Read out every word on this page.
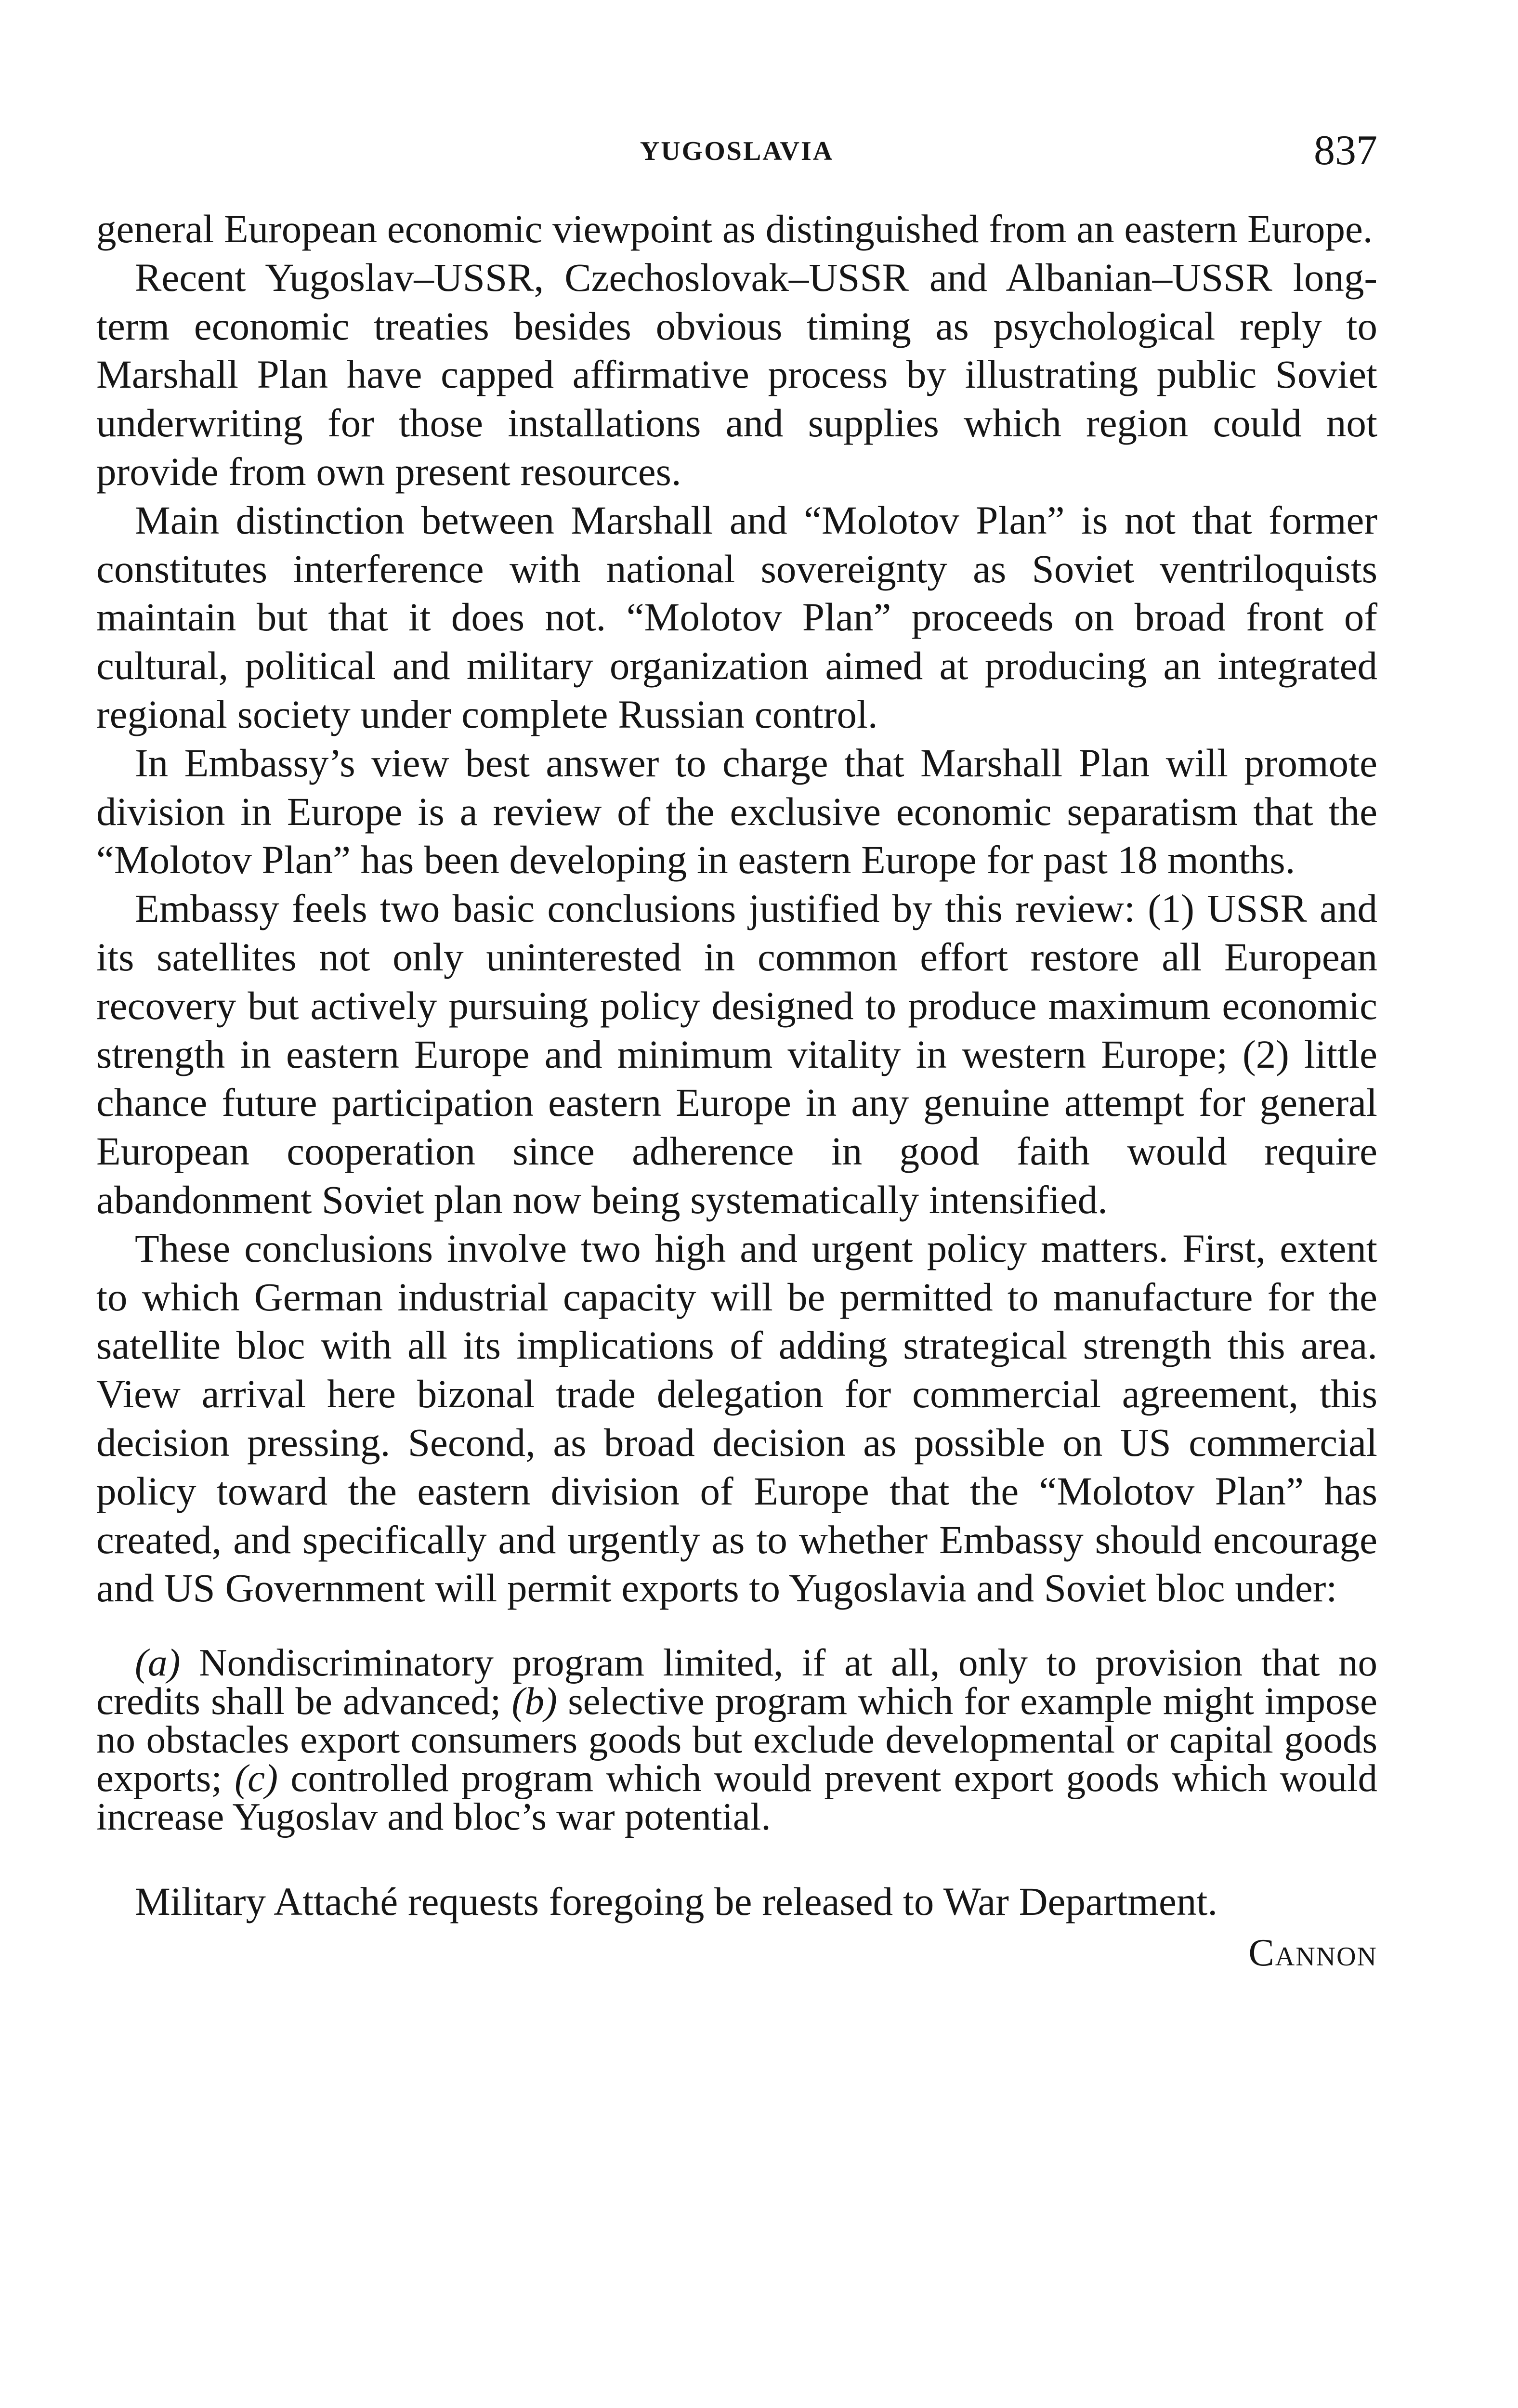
YUGOSLAVIA	837

general European economic viewpoint as distinguished from an eastern Europe.

Recent Yugoslav–USSR, Czechoslovak–USSR and Albanian–USSR long-term economic treaties besides obvious timing as psychological reply to Marshall Plan have capped affirmative process by illustrating public Soviet underwriting for those installations and supplies which region could not provide from own present resources.

Main distinction between Marshall and “Molotov Plan” is not that former constitutes interference with national sovereignty as Soviet ventriloquists maintain but that it does not. “Molotov Plan” proceeds on broad front of cultural, political and military organization aimed at producing an integrated regional society under complete Russian control.

In Embassy’s view best answer to charge that Marshall Plan will promote division in Europe is a review of the exclusive economic separatism that the “Molotov Plan” has been developing in eastern Europe for past 18 months.

Embassy feels two basic conclusions justified by this review: (1) USSR and its satellites not only uninterested in common effort restore all European recovery but actively pursuing policy designed to produce maximum economic strength in eastern Europe and minimum vitality in western Europe; (2) little chance future participation eastern Europe in any genuine attempt for general European cooperation since adherence in good faith would require abandonment Soviet plan now being systematically intensified.

These conclusions involve two high and urgent policy matters. First, extent to which German industrial capacity will be permitted to manufacture for the satellite bloc with all its implications of adding strategical strength this area. View arrival here bizonal trade delegation for commercial agreement, this decision pressing. Second, as broad decision as possible on US commercial policy toward the eastern division of Europe that the “Molotov Plan” has created, and specifically and urgently as to whether Embassy should encourage and US Government will permit exports to Yugoslavia and Soviet bloc under:

(a) Nondiscriminatory program limited, if at all, only to provision that no credits shall be advanced; (b) selective program which for example might impose no obstacles export consumers goods but exclude developmental or capital goods exports; (c) controlled program which would prevent export goods which would increase Yugoslav and bloc’s war potential.

Military Attaché requests foregoing be released to War Department.

Cannon
